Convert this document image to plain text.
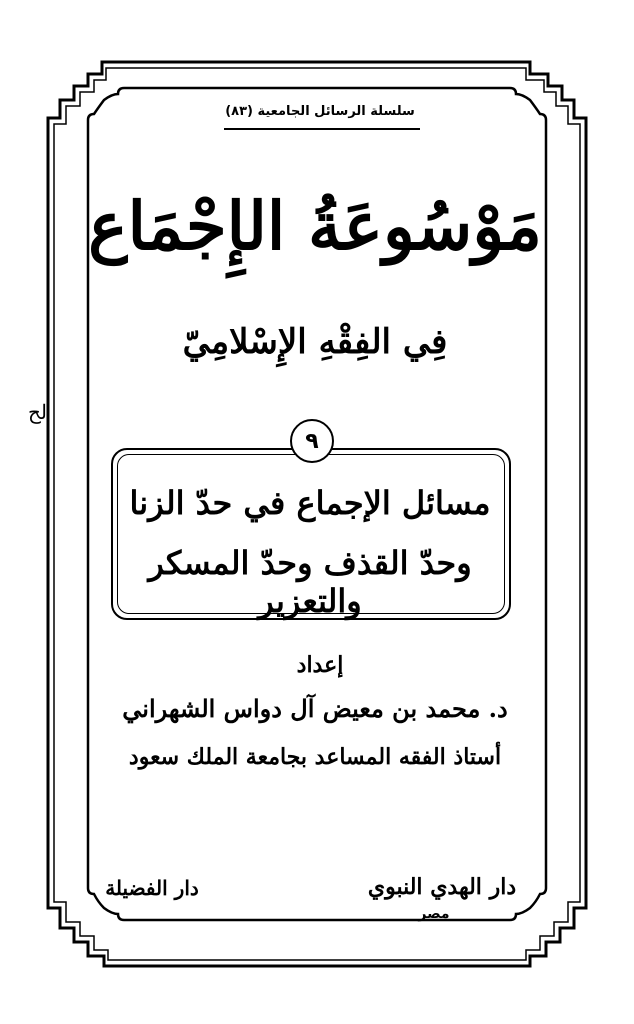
لح
سلسلة الرسائل الجامعية (٨٣)
مَوْسُوعَةُ الإِجْمَاع
فِي الفِقْهِ الإِسْلامِيّ
٩
مسائل الإجماع في حدّ الزنا
وحدّ القذف وحدّ المسكر والتعزير
إعداد
د. محمد بن معيض آل دواس الشهراني
أستاذ الفقه المساعد بجامعة الملك سعود
دار الفضيلة	دار الهدي النبوي
مصر
